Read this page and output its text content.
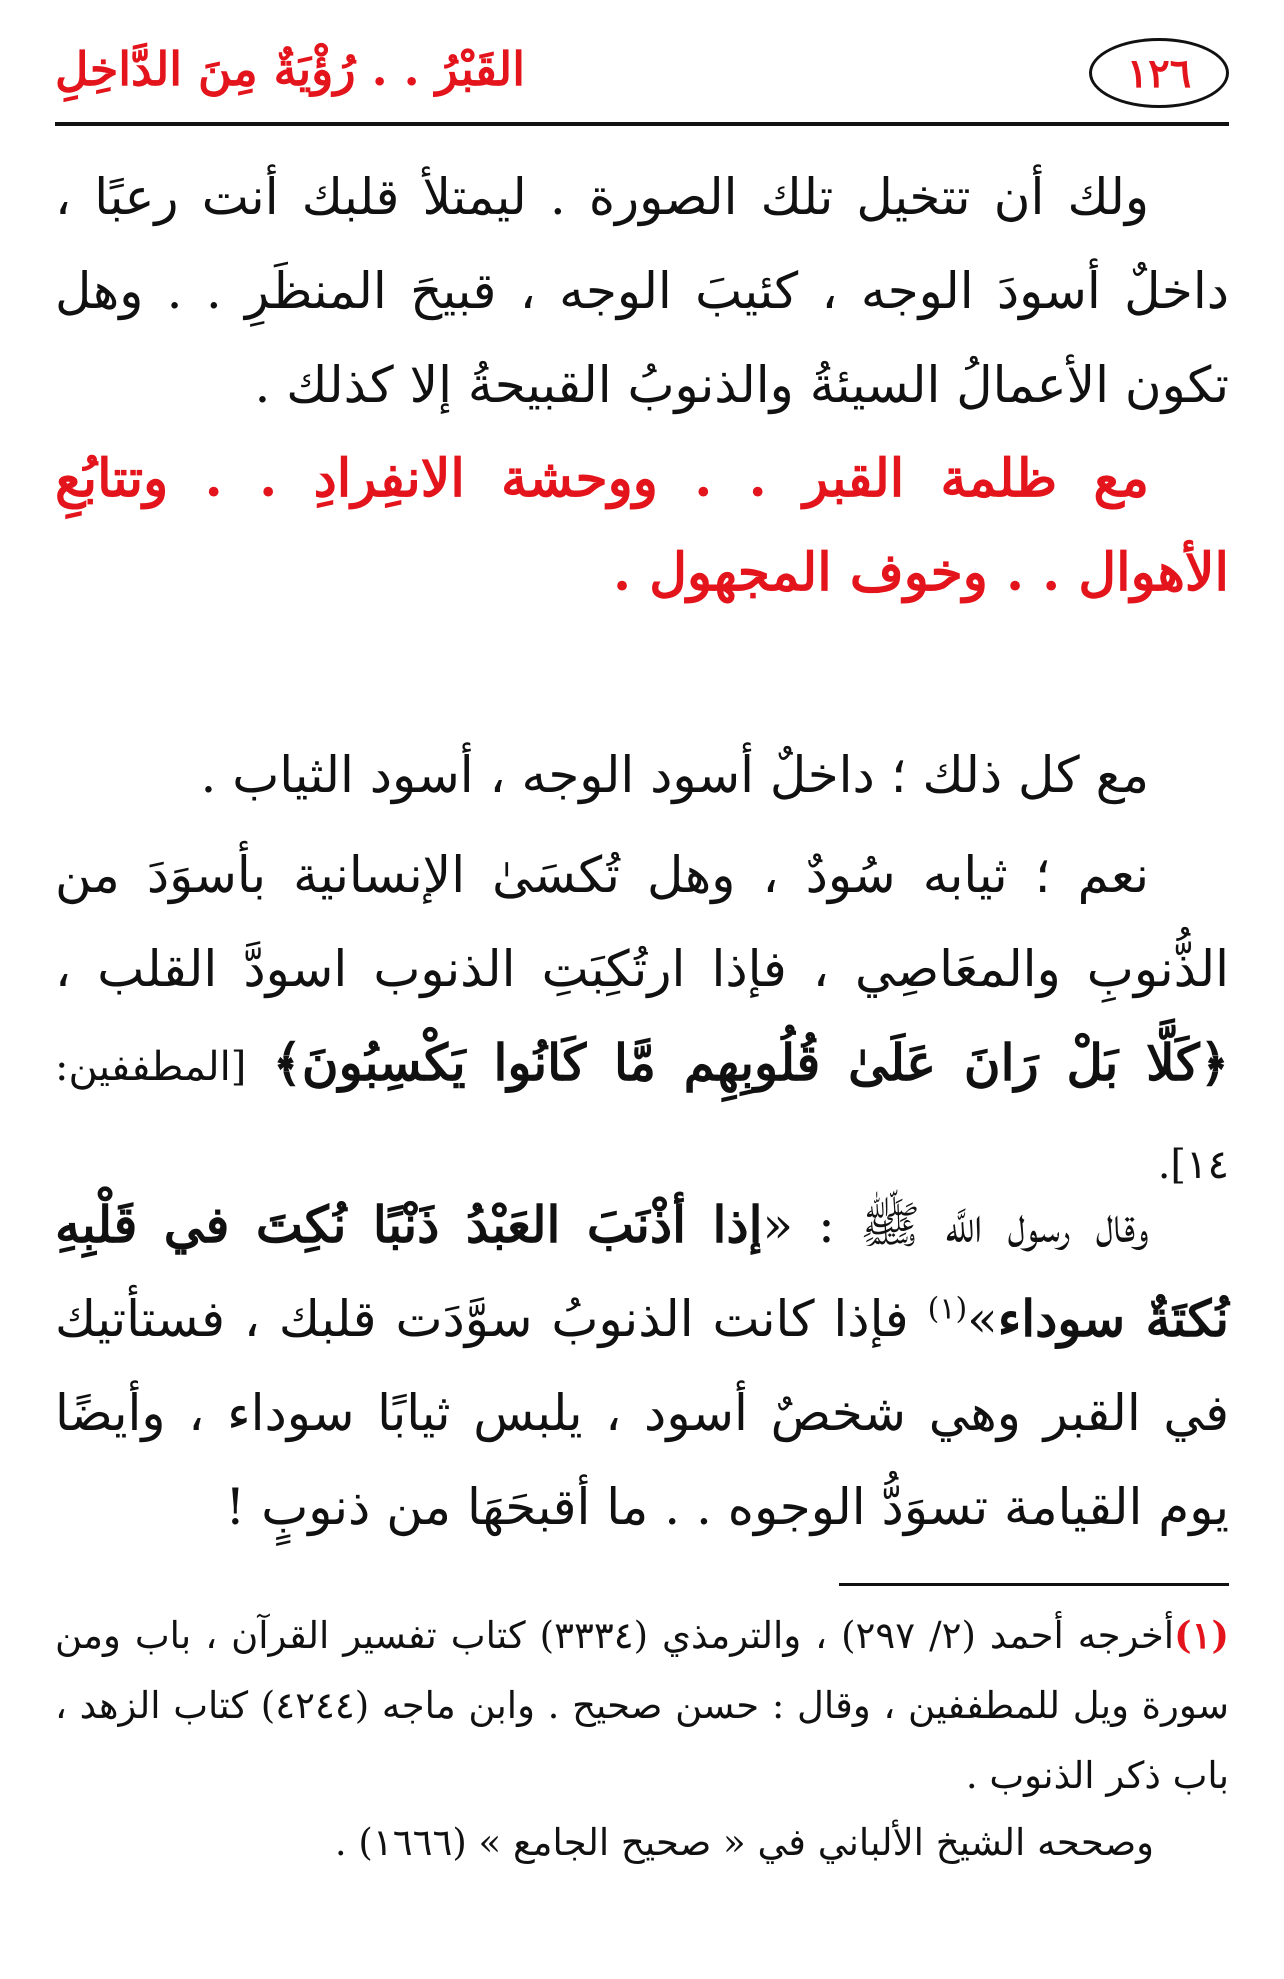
١٢٦
القَبْرُ . . رُؤْيَةٌ مِنَ الدَّاخِلِ
ولك أن تتخيل تلك الصورة . ليمتلأ قلبك أنت رعبًا ، داخلٌ أسودَ الوجه ، كئيبَ الوجه ، قبيحَ المنظَرِ . . وهل تكون الأعمالُ السيئةُ والذنوبُ القبيحةُ إلا كذلك .
مع ظلمة القبر . . ووحشة الانفِرادِ . . وتتابُعِ الأهوال . . وخوف المجهول .
مع كل ذلك ؛ داخلٌ أسود الوجه ، أسود الثياب .
نعم ؛ ثيابه سُودٌ ، وهل تُكسَىٰ الإنسانية بأسوَدَ من الذُّنوبِ والمعَاصِي ، فإذا ارتُكِبَتِ الذنوب اسودَّ القلب ، ﴿كَلَّا بَلْ رَانَ عَلَىٰ قُلُوبِهِم مَّا كَانُوا يَكْسِبُونَ﴾ [المطففين: ١٤].
وقال رسول اللَّه ﷺ : «إذا أذْنَبَ العَبْدُ ذَنْبًا نُكِتَ في قَلْبِهِ نُكتَةٌ سوداء»$^{(١)}$ فإذا كانت الذنوبُ سوَّدَت قلبك ، فستأتيك في القبر وهي شخصٌ أسود ، يلبس ثيابًا سوداء ، وأيضًا يوم القيامة تسوَدُّ الوجوه . . ما أقبحَهَا من ذنوبٍ !
(١)أخرجه أحمد (٢/ ٢٩٧) ، والترمذي (٣٣٣٤) كتاب تفسير القرآن ، باب ومن سورة ويل للمطففين ، وقال : حسن صحيح . وابن ماجه (٤٢٤٤) كتاب الزهد ، باب ذكر الذنوب .
وصححه الشيخ الألباني في « صحيح الجامع » (١٦٦٦) .
